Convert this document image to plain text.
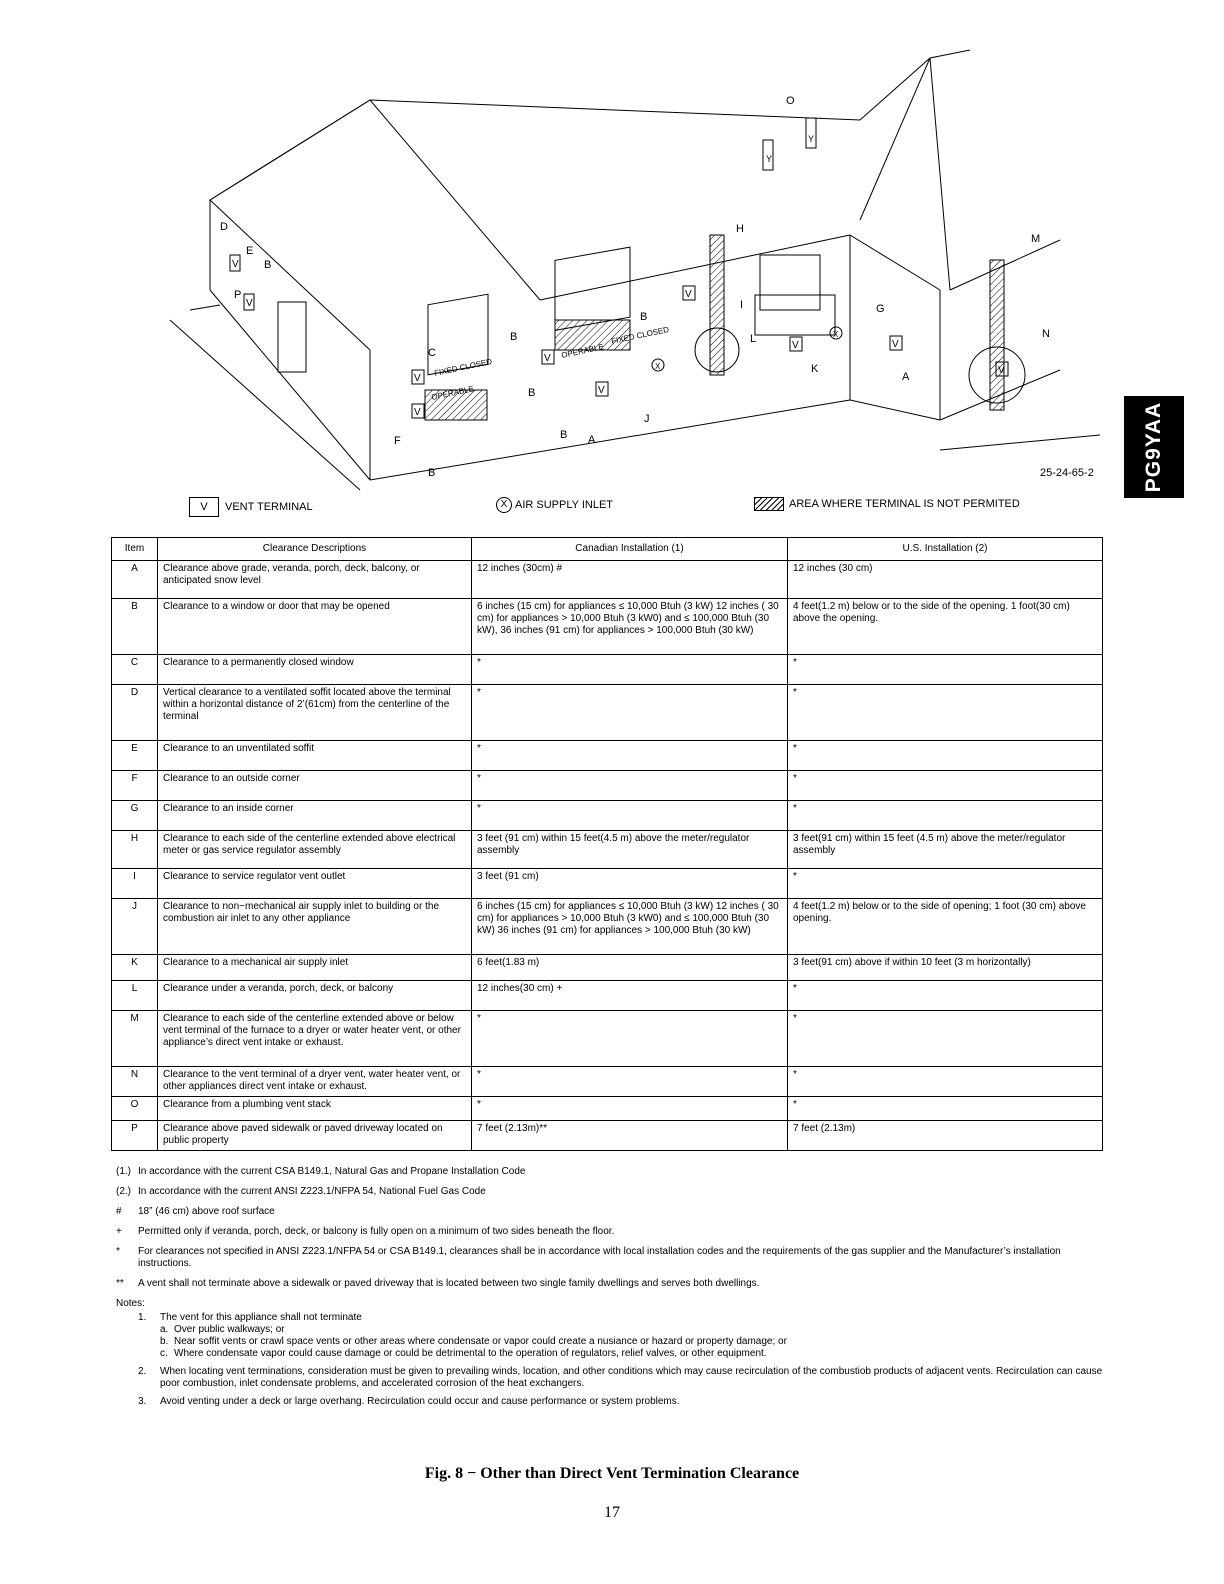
O
Y
Y
H
M
N
I
L
K
G
A
J
A
B
B
B
B
C
F
B
D
E
B
P
25-24-65-2
V
V
V
V
V
V
V
V	V
V
X
X
FIXED CLOSED
OPERABLE
OPERABLE
FIXED CLOSED
PG9YAA
V	VENT TERMINAL	X AIR SUPPLY INLET	AREA WHERE TERMINAL IS NOT PERMITED
Item	Clearance Descriptions	Canadian Installation (1)	U.S. Installation (2)
A	Clearance above grade, veranda, porch, deck, balcony, or anticipated snow level	12 inches (30cm) #	12 inches (30 cm)
B	Clearance to a window or door that may be opened	6 inches (15 cm) for appliances ≤ 10,000 Btuh (3 kW) 12 inches ( 30 cm) for appliances > 10,000 Btuh (3 kW0) and ≤ 100,000 Btuh (30 kW), 36 inches (91 cm) for appliances > 100,000 Btuh (30 kW)	4 feet(1.2 m) below or to the side of the opening. 1 foot(30 cm) above the opening.
C	Clearance to a permanently closed window	*	*
D	Vertical clearance to a ventilated soffit located above the terminal within a horizontal distance of 2’(61cm) from the centerline of the terminal	*	*
E	Clearance to an unventilated soffit	*	*
F	Clearance to an outside corner	*	*
G	Clearance to an inside corner	*	*
H	Clearance to each side of the centerline extended above electrical meter or gas service regulator assembly	3 feet (91 cm) within 15 feet(4.5 m) above the meter/regulator assembly	3 feet(91 cm) within 15 feet (4.5 m) above the meter/regulator assembly
I	Clearance to service regulator vent outlet	3 feet (91 cm)	*
J	Clearance to non−mechanical air supply inlet to building or the combustion air inlet to any other appliance	6 inches (15 cm) for appliances ≤ 10,000 Btuh (3 kW) 12 inches ( 30 cm) for appliances > 10,000 Btuh (3 kW0) and ≤ 100,000 Btuh (30 kW) 36 inches (91 cm) for appliances > 100,000 Btuh (30 kW)	4 feet(1.2 m) below or to the side of opening; 1 foot (30 cm) above opening.
K	Clearance to a mechanical air supply inlet	6 feet(1.83 m)	3 feet(91 cm) above if within 10 feet (3 m horizontally)
L	Clearance under a veranda, porch, deck, or balcony	12 inches(30 cm) +	*
M	Clearance to each side of the centerline extended above or below vent terminal of the furnace to a dryer or water heater vent, or other appliance’s direct vent intake or exhaust.	*	*
N	Clearance to the vent terminal of a dryer vent, water heater vent, or other appliances direct vent intake or exhaust.	*	*
O	Clearance from a plumbing vent stack	*	*
P	Clearance above paved sidewalk or paved driveway located on public property	7 feet (2.13m)**	7 feet (2.13m)
(1.) In accordance with the current CSA B149.1, Natural Gas and Propane Installation Code
(2.) In accordance with the current ANSI Z223.1/NFPA 54, National Fuel Gas Code
# 18” (46 cm) above roof surface
+ Permitted only if veranda, porch, deck, or balcony is fully open on a minimum of two sides beneath the floor.
* For clearances not specified in ANSI Z223.1/NFPA 54 or CSA B149.1, clearances shall be in accordance with local installation codes and the requirements of the gas supplier and the Manufacturer’s installation instructions.
** A vent shall not terminate above a sidewalk or paved driveway that is located between two single family dwellings and serves both dwellings.
Notes:
1. The vent for this appliance shall not terminate
a. Over public walkways; or
b. Near soffit vents or crawl space vents or other areas where condensate or vapor could create a nusiance or hazard or property damage; or
c. Where condensate vapor could cause damage or could be detrimental to the operation of regulators, relief valves, or other equipment.
2. When locating vent terminations, consideration must be given to prevailing winds, location, and other conditions which may cause recirculation of the combustiob products of adjacent vents. Recirculation can cause poor combustion, inlet condensate problems, and accelerated corrosion of the heat exchangers.
3. Avoid venting under a deck or large overhang. Recirculation could occur and cause performance or system problems.
Fig. 8 − Other than Direct Vent Termination Clearance
17
